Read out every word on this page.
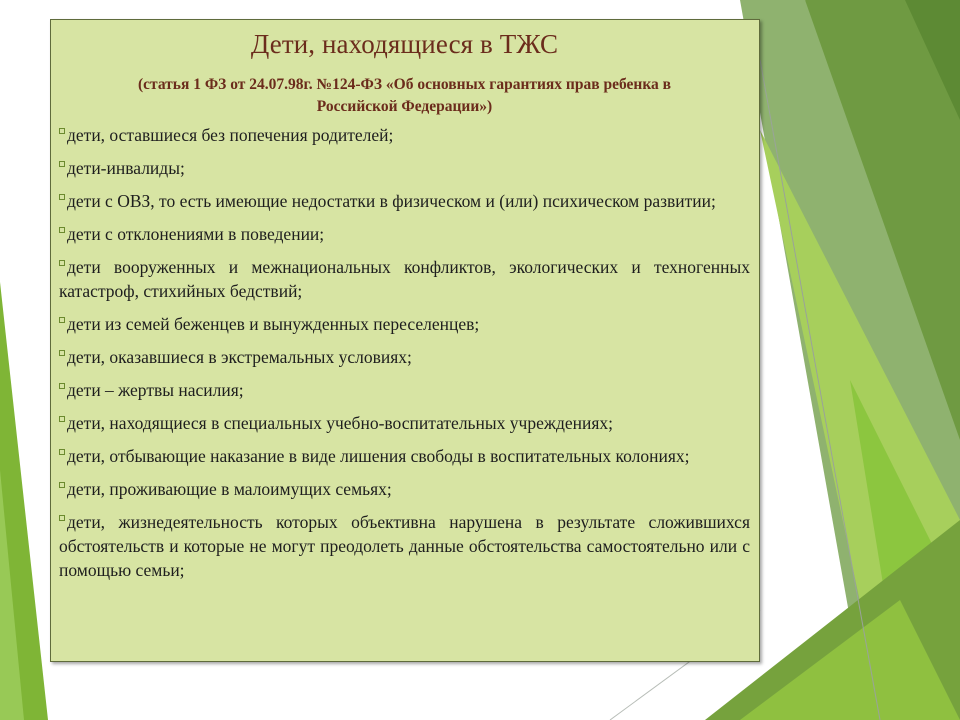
Дети, находящиеся в ТЖС

(статья 1 ФЗ от 24.07.98г. №124-ФЗ «Об основных гарантиях прав ребенка в
Российской Федерации»)

дети, оставшиеся без попечения родителей;
дети-инвалиды;
дети с ОВЗ, то есть имеющие недостатки в физическом и (или) психическом развитии;
дети с отклонениями в поведении;
дети вооруженных и межнациональных конфликтов, экологических и техногенных катастроф, стихийных бедствий;
дети из семей беженцев и вынужденных переселенцев;
дети, оказавшиеся в экстремальных условиях;
дети – жертвы насилия;
дети, находящиеся в специальных учебно-воспитательных учреждениях;
дети, отбывающие наказание в виде лишения свободы в воспитательных колониях;
дети, проживающие в малоимущих семьях;
дети, жизнедеятельность которых объективна нарушена в результате сложившихся обстоятельств и которые не могут преодолеть данные обстоятельства самостоятельно или с помощью семьи;
